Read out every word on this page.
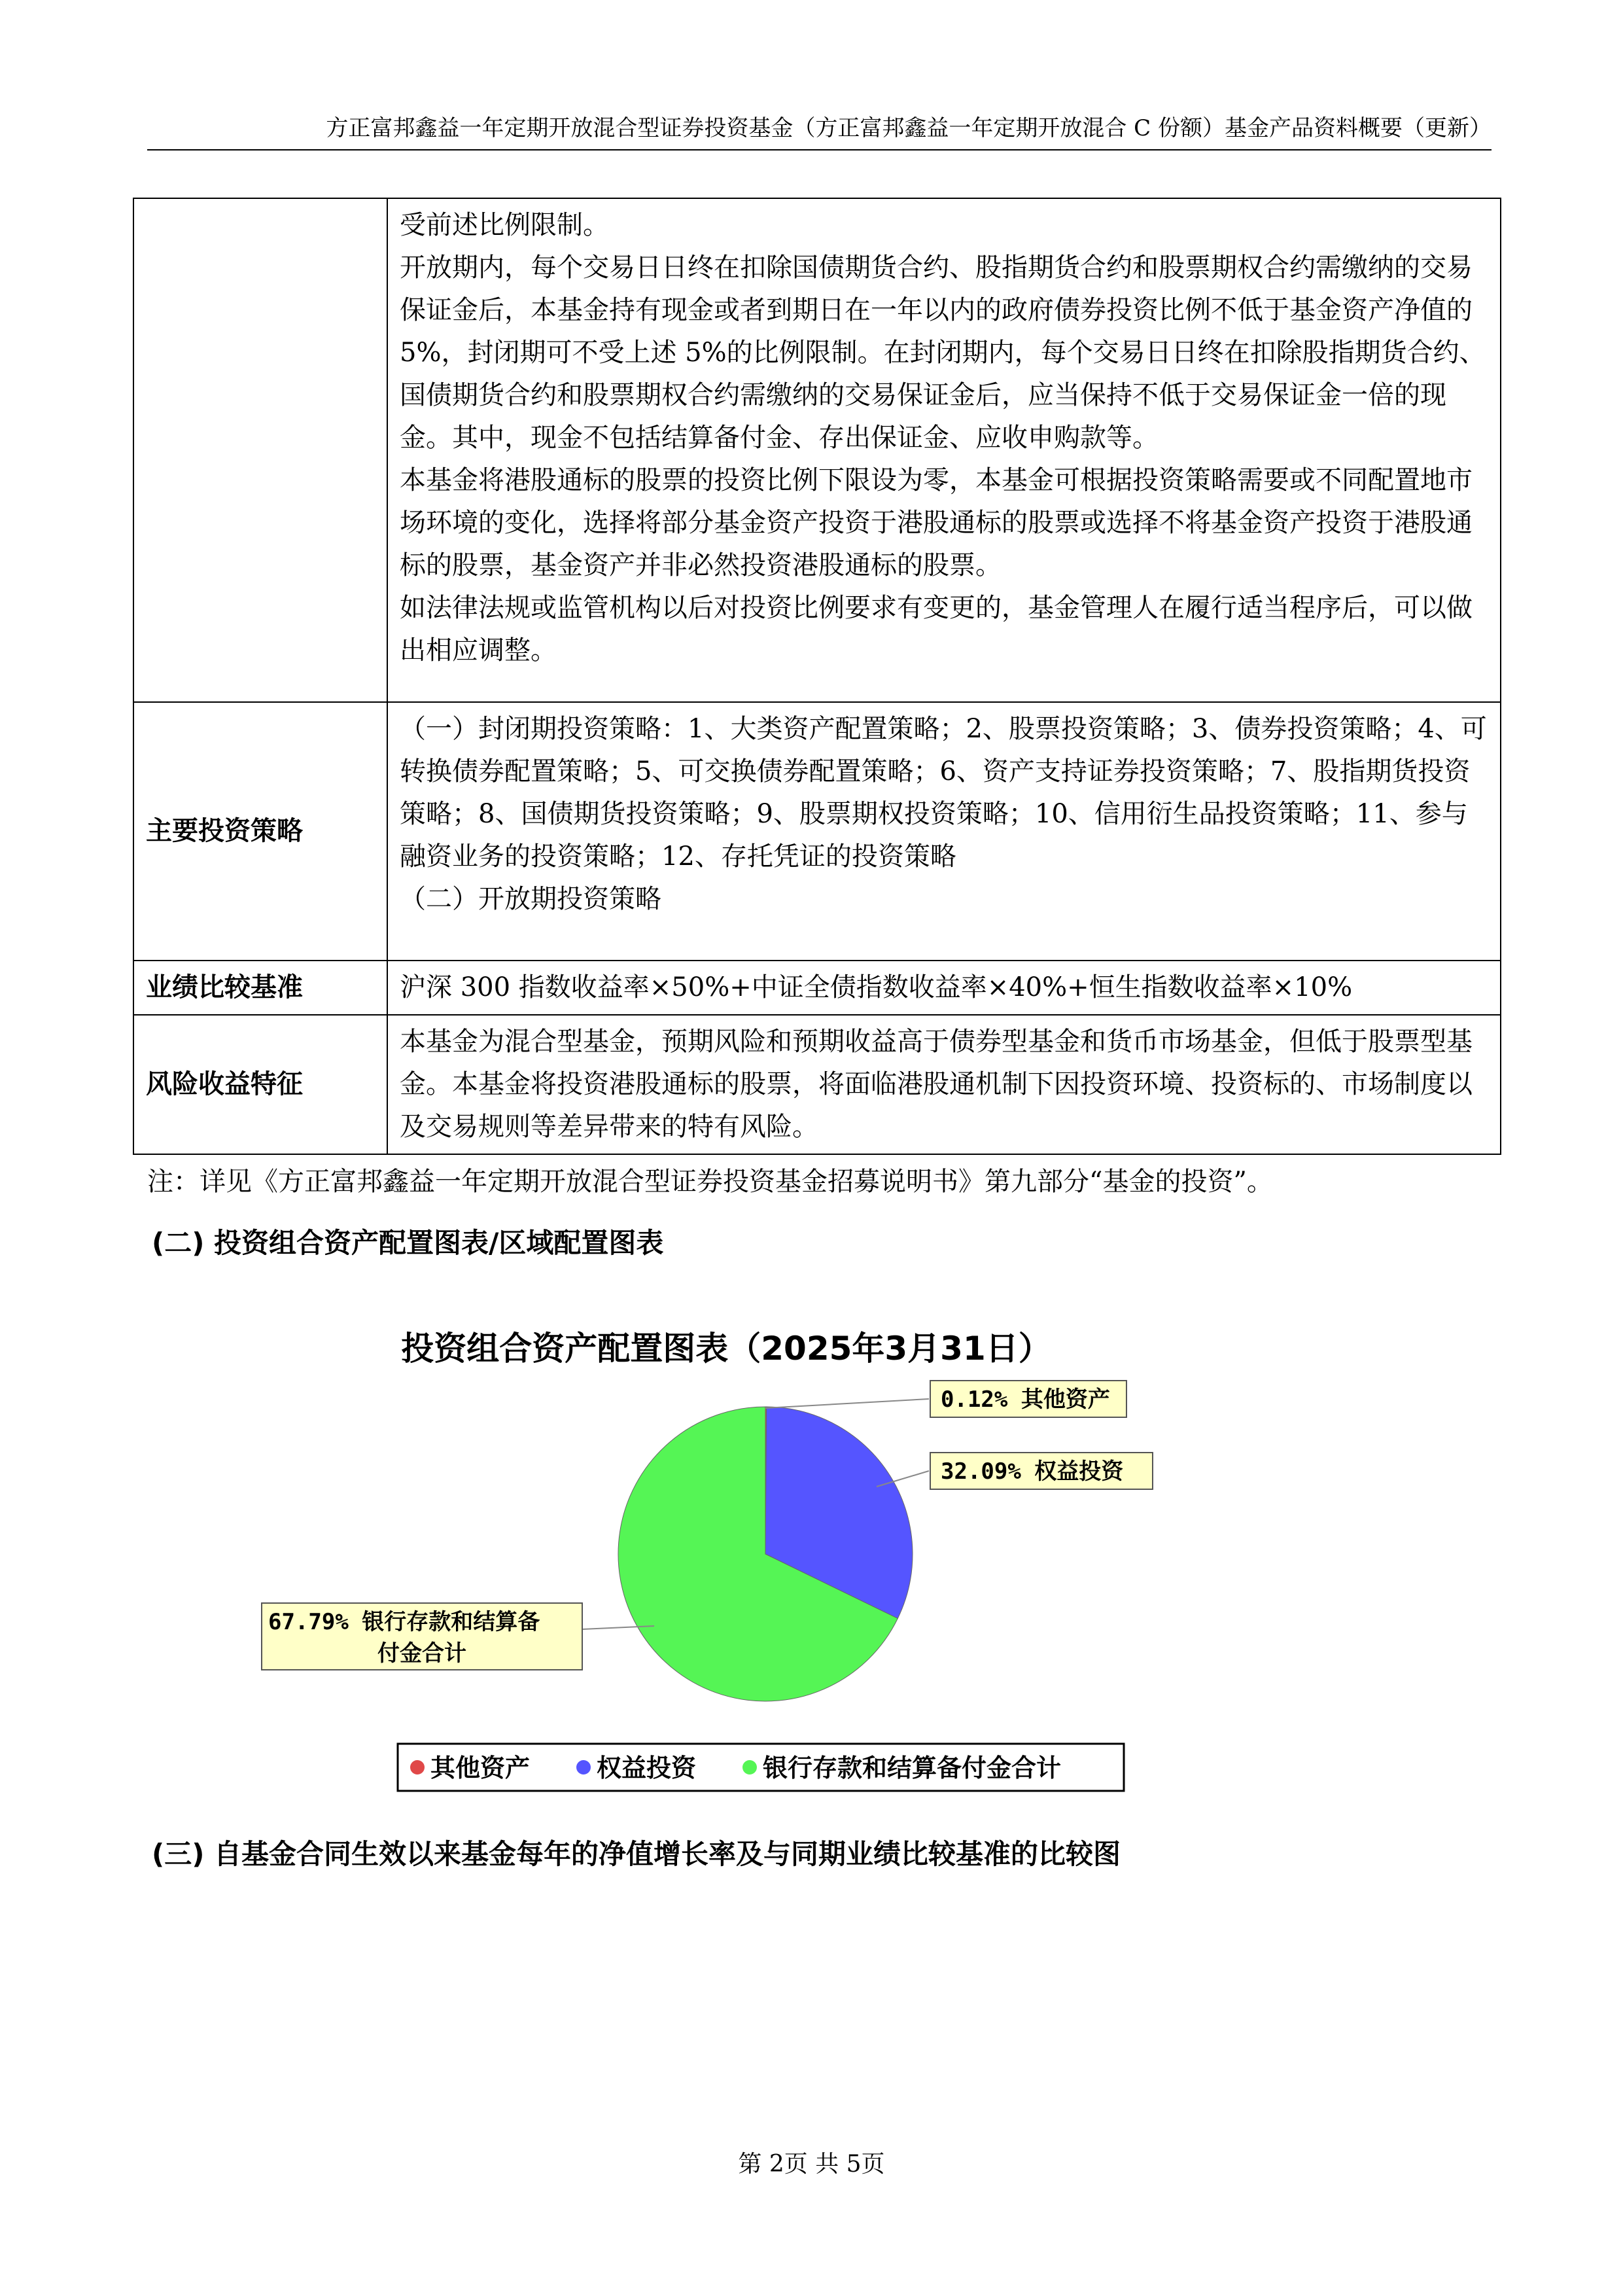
方正富邦鑫益一年定期开放混合型证券投资基金（方正富邦鑫益一年定期开放混合 C 份额）基金产品资料概要（更新）

	受前述比例限制。

开放期内，每个交易日日终在扣除国债期货合约、股指期货合约和股票期权合约需缴纳的交易保证金后，本基金持有现金或者到期日在一年以内的政府债券投资比例不低于基金资产净值的 5%，封闭期可不受上述 5%的比例限制。在封闭期内，每个交易日日终在扣除股指期货合约、国债期货合约和股票期权合约需缴纳的交易保证金后，应当保持不低于交易保证金一倍的现金。其中，现金不包括结算备付金、存出保证金、应收申购款等。

本基金将港股通标的股票的投资比例下限设为零，本基金可根据投资策略需要或不同配置地市场环境的变化，选择将部分基金资产投资于港股通标的股票或选择不将基金资产投资于港股通标的股票，基金资产并非必然投资港股通标的股票。

如法律法规或监管机构以后对投资比例要求有变更的，基金管理人在履行适当程序后，可以做出相应调整。

主要投资策略	（一）封闭期投资策略：1、大类资产配置策略；2、股票投资策略；3、债券投资策略；4、可转换债券配置策略；5、可交换债券配置策略；6、资产支持证券投资策略；7、股指期货投资策略；8、国债期货投资策略；9、股票期权投资策略；10、信用衍生品投资策略；11、参与融资业务的投资策略；12、存托凭证的投资策略

（二）开放期投资策略

业绩比较基准	沪深 300 指数收益率×50%+中证全债指数收益率×40%+恒生指数收益率×10%

风险收益特征	本基金为混合型基金，预期风险和预期收益高于债券型基金和货币市场基金，但低于股票型基金。本基金将投资港股通标的股票，将面临港股通机制下因投资环境、投资标的、市场制度以及交易规则等差异带来的特有风险。

注：详见《方正富邦鑫益一年定期开放混合型证券投资基金招募说明书》第九部分“基金的投资”。
(二) 投资组合资产配置图表/区域配置图表
投资组合资产配置图表（2025年3月31日）
0.12% 其他资产
32.09% 权益投资
67.79% 银行存款和结算备
付金合计
其他资产	权益投资	银行存款和结算备付金合计
(三) 自基金合同生效以来基金每年的净值增长率及与同期业绩比较基准的比较图
第 2页 共 5页
